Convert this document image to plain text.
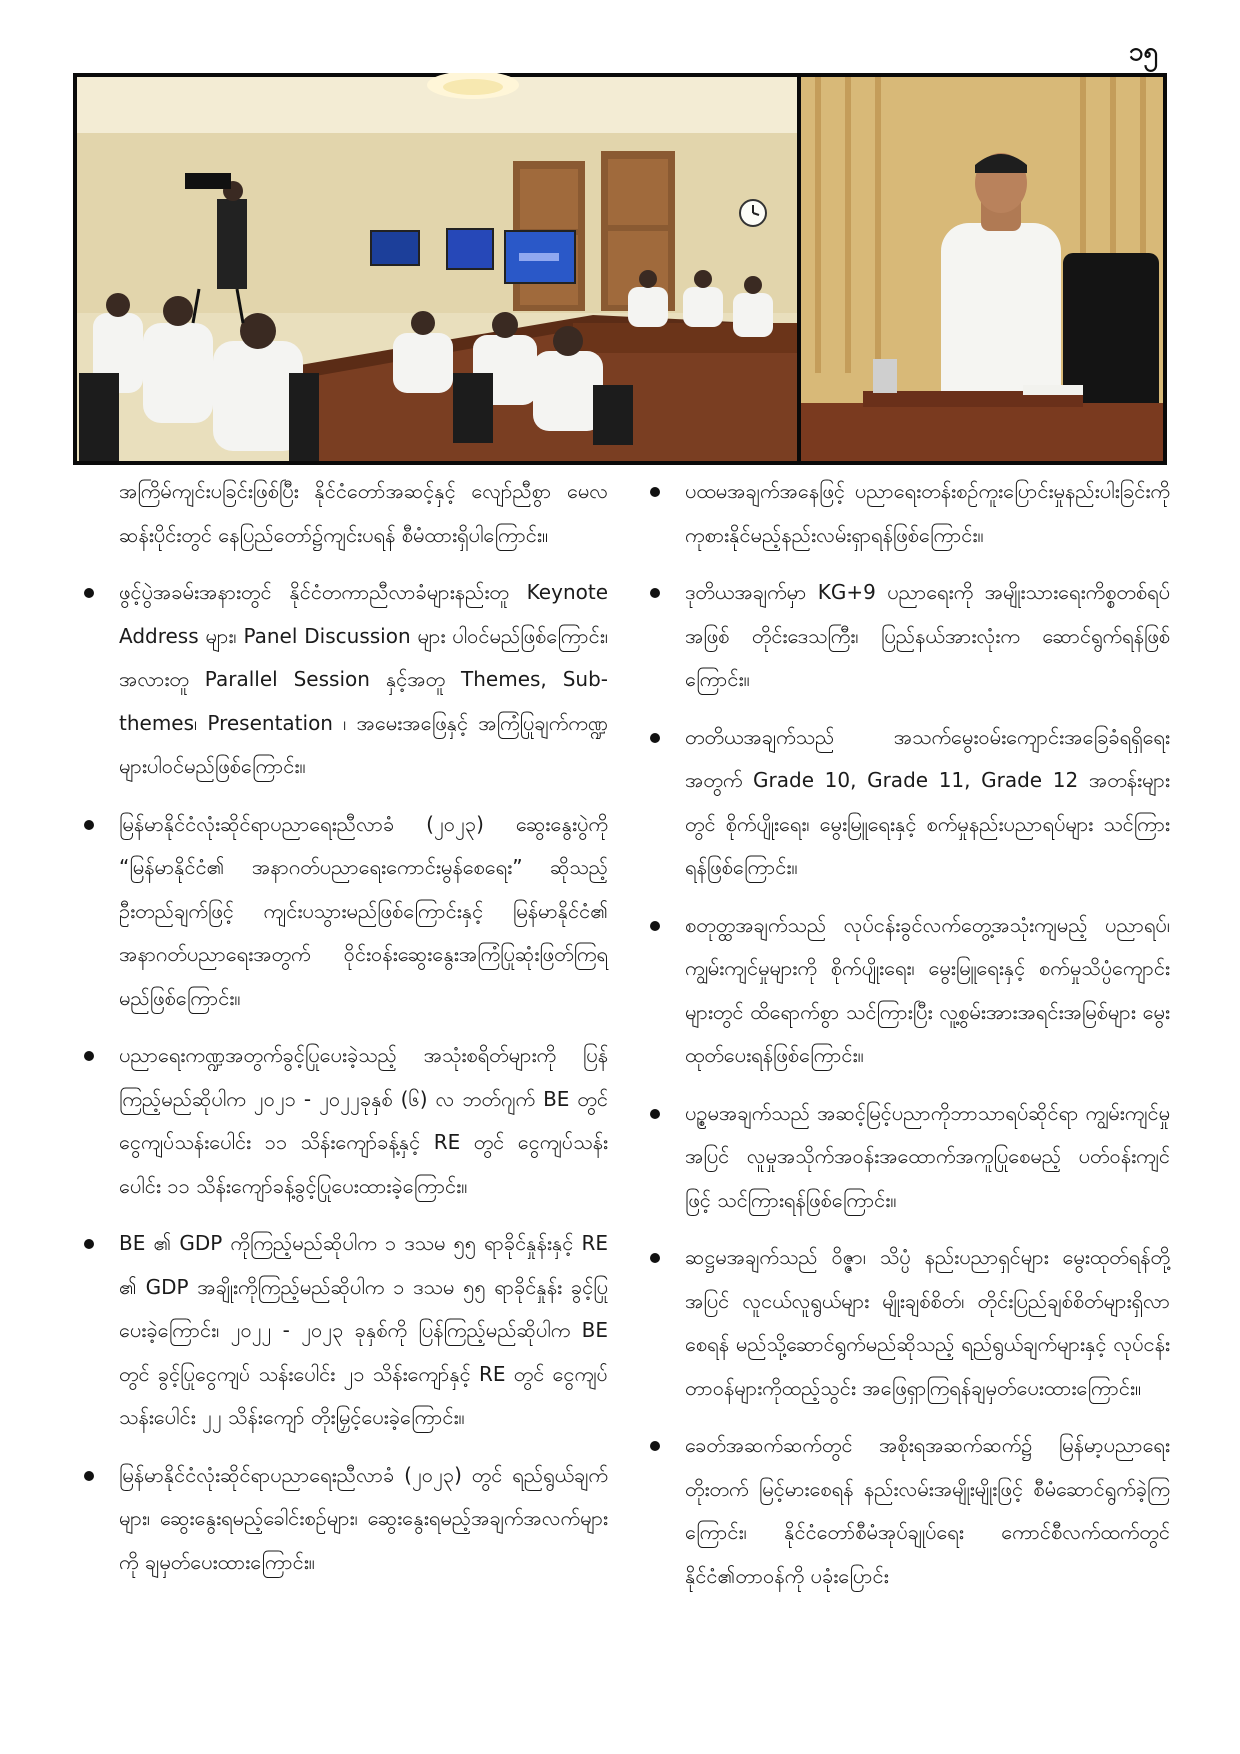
၁၅

အကြိမ်ကျင်းပခြင်းဖြစ်ပြီး နိုင်ငံတော်အဆင့်နှင့် လျော်ညီစွာ မေလဆန်းပိုင်းတွင် နေပြည်တော်၌ကျင်းပရန် စီမံထားရှိပါကြောင်း။

ဖွင့်ပွဲအခမ်းအနားတွင် နိုင်ငံတကာညီလာခံများနည်းတူ Keynote Address များ၊ Panel Discussion များ ပါဝင်မည်ဖြစ်ကြောင်း၊ အလားတူ Parallel Session နှင့်အတူ Themes, Sub-themes၊ Presentation ၊ အမေးအဖြေနှင့် အကြံပြုချက်ကဏ္ဍများပါဝင်မည်ဖြစ်ကြောင်း။
မြန်မာနိုင်ငံလုံးဆိုင်ရာပညာရေးညီလာခံ (၂၀၂၃) ဆွေးနွေးပွဲကို “မြန်မာနိုင်ငံ၏ အနာဂတ်ပညာရေးကောင်းမွန်စေရေး” ဆိုသည့် ဦးတည်ချက်ဖြင့် ကျင်းပသွားမည်ဖြစ်ကြောင်းနှင့် မြန်မာနိုင်ငံ၏ အနာဂတ်ပညာရေးအတွက် ဝိုင်းဝန်းဆွေးနွေးအကြံပြုဆုံးဖြတ်ကြရမည်ဖြစ်ကြောင်း။
ပညာရေးကဏ္ဍအတွက်ခွင့်ပြုပေးခဲ့သည့် အသုံးစရိတ်များကို ပြန်ကြည့်မည်ဆိုပါက ၂၀၂၁ - ၂၀၂၂ခုနှစ် (၆) လ ဘတ်ဂျက် BE တွင် ငွေကျပ်သန်းပေါင်း ၁၁ သိန်းကျော်ခန့်နှင့် RE တွင် ငွေကျပ်သန်းပေါင်း ၁၁ သိန်းကျော်ခန့်ခွင့်ပြုပေးထားခဲ့ကြောင်း။
BE ၏ GDP ကိုကြည့်မည်ဆိုပါက ၁ ဒသမ ၅၅ ရာခိုင်နှုန်းနှင့် RE ၏ GDP အချိုးကိုကြည့်မည်ဆိုပါက ၁ ဒသမ ၅၅ ရာခိုင်နှုန်း ခွင့်ပြုပေးခဲ့ကြောင်း၊ ၂၀၂၂ - ၂၀၂၃ ခုနှစ်ကို ပြန်ကြည့်မည်ဆိုပါက BE တွင် ခွင့်ပြုငွေကျပ် သန်းပေါင်း ၂၁ သိန်းကျော်နှင့် RE တွင် ငွေကျပ်သန်းပေါင်း ၂၂ သိန်းကျော် တိုးမြှင့်ပေးခဲ့ကြောင်း။
မြန်မာနိုင်ငံလုံးဆိုင်ရာပညာရေးညီလာခံ (၂၀၂၃) တွင် ရည်ရွယ်ချက်များ၊ ဆွေးနွေးရမည့်ခေါင်းစဉ်များ၊ ဆွေးနွေးရမည့်အချက်အလက်များကို ချမှတ်ပေးထားကြောင်း။
ပထမအချက်အနေဖြင့် ပညာရေးတန်းစဉ်ကူးပြောင်းမှုနည်းပါးခြင်းကို ကုစားနိုင်မည့်နည်းလမ်းရှာရန်ဖြစ်ကြောင်း။
ဒုတိယအချက်မှာ KG+9 ပညာရေးကို အမျိုးသားရေးကိစ္စတစ်ရပ်အဖြစ် တိုင်းဒေသကြီး၊ ပြည်နယ်အားလုံးက ဆောင်ရွက်ရန်ဖြစ်ကြောင်း။
တတိယအချက်သည် အသက်မွေးဝမ်းကျောင်းအခြေခံရရှိရေးအတွက် Grade 10, Grade 11, Grade 12 အတန်းများတွင် စိုက်ပျိုးရေး၊ မွေးမြူရေးနှင့် စက်မှုနည်းပညာရပ်များ သင်ကြားရန်ဖြစ်ကြောင်း။
စတုတ္ထအချက်သည် လုပ်ငန်းခွင်လက်တွေ့အသုံးကျမည့် ပညာရပ်၊ ကျွမ်းကျင်မှုများကို စိုက်ပျိုးရေး၊ မွေးမြူရေးနှင့် စက်မှုသိပ္ပံကျောင်းများတွင် ထိရောက်စွာ သင်ကြားပြီး လူ့စွမ်းအားအရင်းအမြစ်များ မွေးထုတ်ပေးရန်ဖြစ်ကြောင်း။
ပဉ္စမအချက်သည် အဆင့်မြင့်ပညာကိုဘာသာရပ်ဆိုင်ရာ ကျွမ်းကျင်မှုအပြင် လူမှုအသိုက်အဝန်းအထောက်အကူပြုစေမည့် ပတ်ဝန်းကျင်ဖြင့် သင်ကြားရန်ဖြစ်ကြောင်း။
ဆဋ္ဌမအချက်သည် ဝိဇ္ဇာ၊ သိပ္ပံ နည်းပညာရှင်များ မွေးထုတ်ရန်တို့အပြင် လူငယ်လူရွယ်များ မျိုးချစ်စိတ်၊ တိုင်းပြည်ချစ်စိတ်များရှိလာစေရန် မည်သို့ဆောင်ရွက်မည်ဆိုသည့် ရည်ရွယ်ချက်များနှင့် လုပ်ငန်းတာဝန်များကိုထည့်သွင်း အဖြေရှာကြရန်ချမှတ်ပေးထားကြောင်း။
ခေတ်အဆက်ဆက်တွင် အစိုးရအဆက်ဆက်၌ မြန်မာ့ပညာရေးတိုးတက် မြင့်မားစေရန် နည်းလမ်းအမျိုးမျိုးဖြင့် စီမံဆောင်ရွက်ခဲ့ကြကြောင်း၊ နိုင်ငံတော်စီမံအုပ်ချုပ်ရေး ကောင်စီလက်ထက်တွင် နိုင်ငံ၏တာဝန်ကို ပခုံးပြောင်း
